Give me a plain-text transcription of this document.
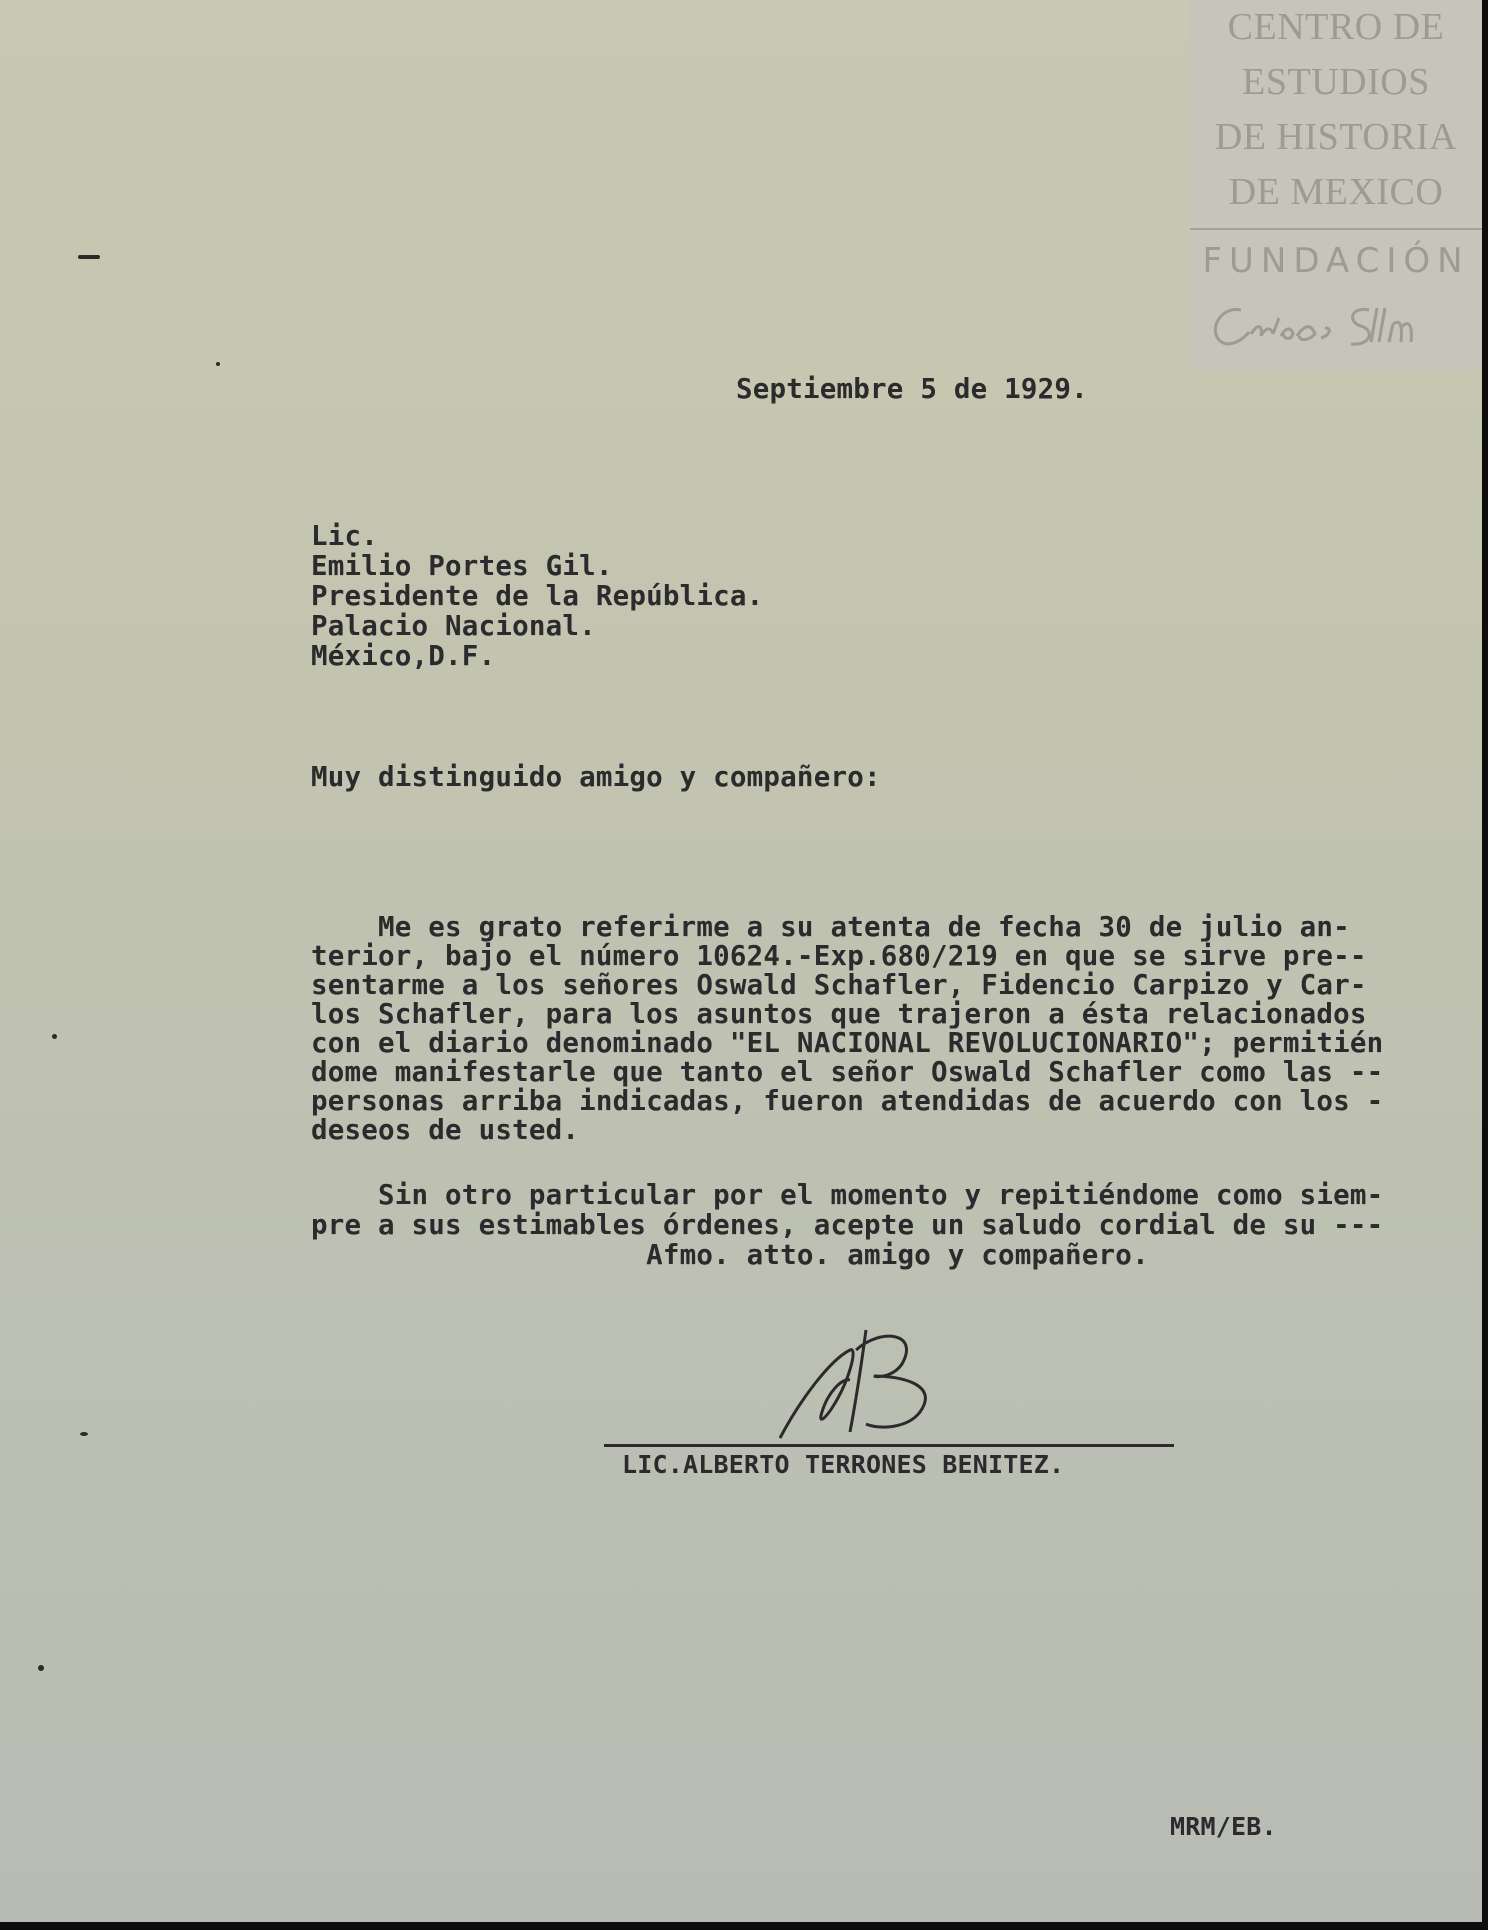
CENTRO DE
ESTUDIOS
DE HISTORIA
DE MEXICO
FUNDACIÓN
Septiembre 5 de 1929.
Lic.
Emilio Portes Gil.
Presidente de la República.
Palacio Nacional.
México,D.F.
Muy distinguido amigo y compañero:
Me es grato referirme a su atenta de fecha 30 de julio an-
terior, bajo el número 10624.-Exp.680/219 en que se sirve pre--
sentarme a los señores Oswald Schafler, Fidencio Carpizo y Car-
los Schafler, para los asuntos que trajeron a ésta relacionados
con el diario denominado "EL NACIONAL REVOLUCIONARIO"; permitién
dome manifestarle que tanto el señor Oswald Schafler como las --
personas arriba indicadas, fueron atendidas de acuerdo con los -
deseos de usted.
Sin otro particular por el momento y repitiéndome como siem-
pre a sus estimables órdenes, acepte un saludo cordial de su ---
Afmo. atto. amigo y compañero.
LIC.ALBERTO TERRONES BENITEZ.
MRM/EB.
